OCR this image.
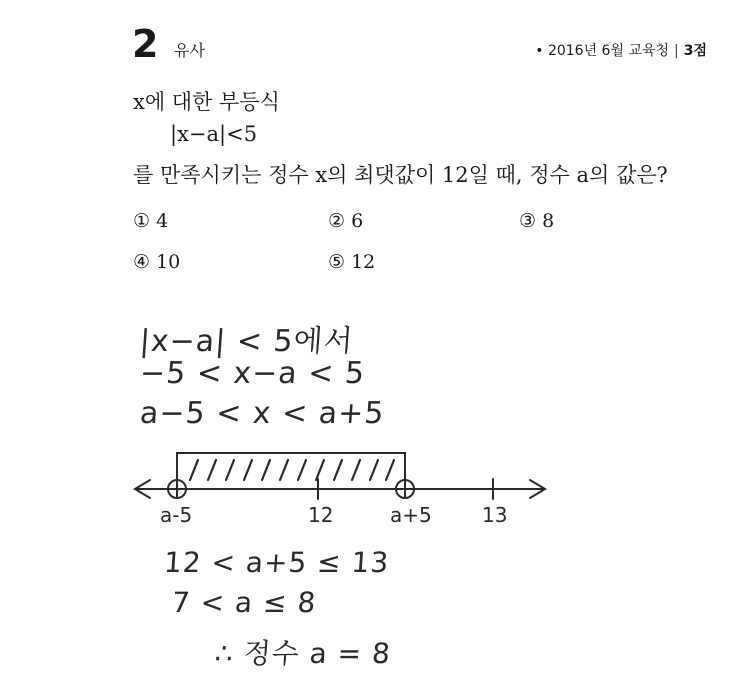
2 유사	• 2016년 6월 교육청 | 3점
x에 대한 부등식
|x−a|<5
를 만족시키는 정수 x의 최댓값이 12일 때, 정수 a의 값은?
① 4	② 6	③ 8
④ 10	⑤ 12
|x−a| < 5에서
−5 < x−a < 5
a−5 < x < a+5
a-5	12	a+5	13
12 < a+5 ≤ 13
7 < a ≤ 8
∴ 정수 a = 8
